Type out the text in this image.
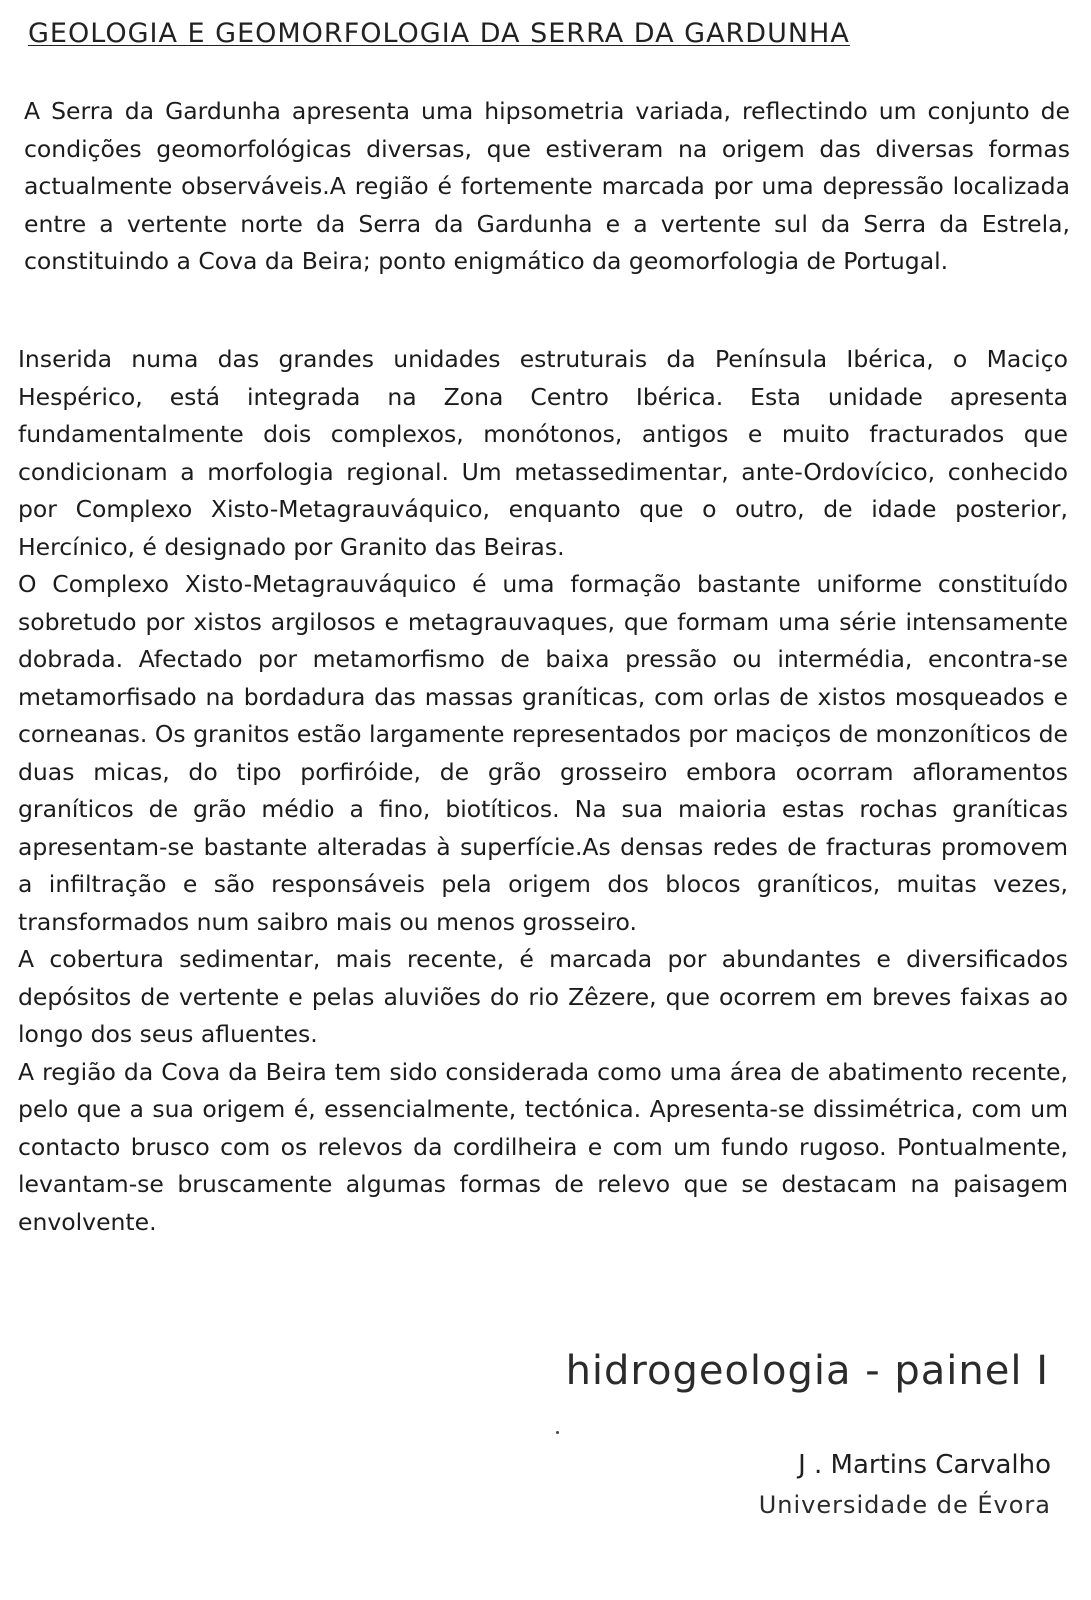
GEOLOGIA E GEOMORFOLOGIA DA SERRA DA GARDUNHA

A Serra da Gardunha apresenta uma hipsometria variada, reflectindo um conjunto de condições geomorfológicas diversas, que estiveram na origem das diversas formas actualmente observáveis.A região é fortemente marcada por uma depressão localizada entre a vertente norte da Serra da Gardunha e a vertente sul da Serra da Estrela, constituindo a Cova da Beira; ponto enigmático da geomorfologia de Portugal.

Inserida numa das grandes unidades estruturais da Península Ibérica, o Maciço Hespérico, está integrada na Zona Centro Ibérica. Esta unidade apresenta fundamentalmente dois complexos, monótonos, antigos e muito fracturados que condicionam a morfologia regional. Um metassedimentar, ante-Ordovícico, conhecido por Complexo Xisto-Metagrauváquico, enquanto que o outro, de idade posterior, Hercínico, é designado por Granito das Beiras.

O Complexo Xisto-Metagrauváquico é uma formação bastante uniforme constituído sobretudo por xistos argilosos e metagrauvaques, que formam uma série intensamente dobrada. Afectado por metamorfismo de baixa pressão ou intermédia, encontra-se metamorfisado na bordadura das massas graníticas, com orlas de xistos mosqueados e corneanas. Os granitos estão largamente representados por maciços de monzoníticos de duas micas, do tipo porfiróide, de grão grosseiro embora ocorram afloramentos graníticos de grão médio a fino, biotíticos. Na sua maioria estas rochas graníticas apresentam-se bastante alteradas à superfície.As densas redes de fracturas promovem a infiltração e são responsáveis pela origem dos blocos graníticos, muitas vezes, transformados num saibro mais ou menos grosseiro.

A cobertura sedimentar, mais recente, é marcada por abundantes e diversificados depósitos de vertente e pelas aluviões do rio Zêzere, que ocorrem em breves faixas ao longo dos seus afluentes.

A região da Cova da Beira tem sido considerada como uma área de abatimento recente, pelo que a sua origem é, essencialmente, tectónica. Apresenta-se dissimétrica, com um contacto brusco com os relevos da cordilheira e com um fundo rugoso. Pontualmente, levantam-se bruscamente algumas formas de relevo que se destacam na paisagem envolvente.

hidrogeologia - painel I
J . Martins Carvalho
Universidade de Évora
